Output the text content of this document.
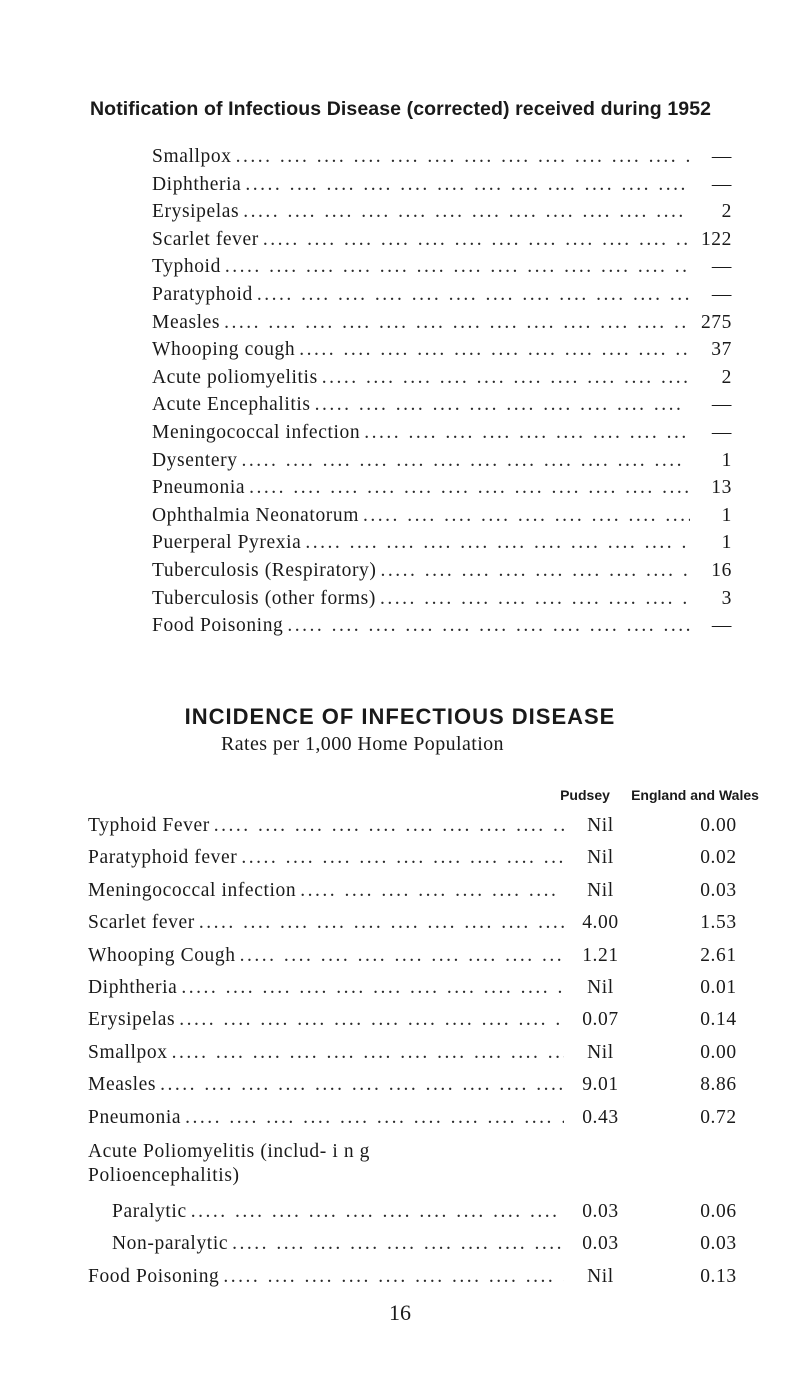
Notification of Infectious Disease (corrected) received during 1952
Smallpox .....	—
Diphtheria .....	—
Erysipelas .....	2
Scarlet fever .....	122
Typhoid .....	—
Paratyphoid .....	—
Measles .....	275
Whooping cough .....	37
Acute poliomyelitis .....	2
Acute Encephalitis .....	—
Meningococcal infection .....	—
Dysentery .....	1
Pneumonia .....	13
Ophthalmia Neonatorum .....	1
Puerperal Pyrexia .....	1
Tuberculosis (Respiratory) .....	16
Tuberculosis (other forms) .....	3
Food Poisoning .....	—
INCIDENCE OF INFECTIOUS DISEASE
Rates per 1,000 Home Population
Pudsey	England and Wales
Typhoid Fever .....	Nil	0.00
Paratyphoid fever .....	Nil	0.02
Meningococcal infection .....	Nil	0.03
Scarlet fever .....	4.00	1.53
Whooping Cough .....	1.21	2.61
Diphtheria .....	Nil	0.01
Erysipelas .....	0.07	0.14
Smallpox .....	Nil	0.00
Measles .....	9.01	8.86
Pneumonia .....	0.43	0.72
Acute Poliomyelitis (includ- i n g Polioencephalitis)
Paralytic .....	0.03	0.06
Non-paralytic .....	0.03	0.03
Food Poisoning .....	Nil	0.13
16
